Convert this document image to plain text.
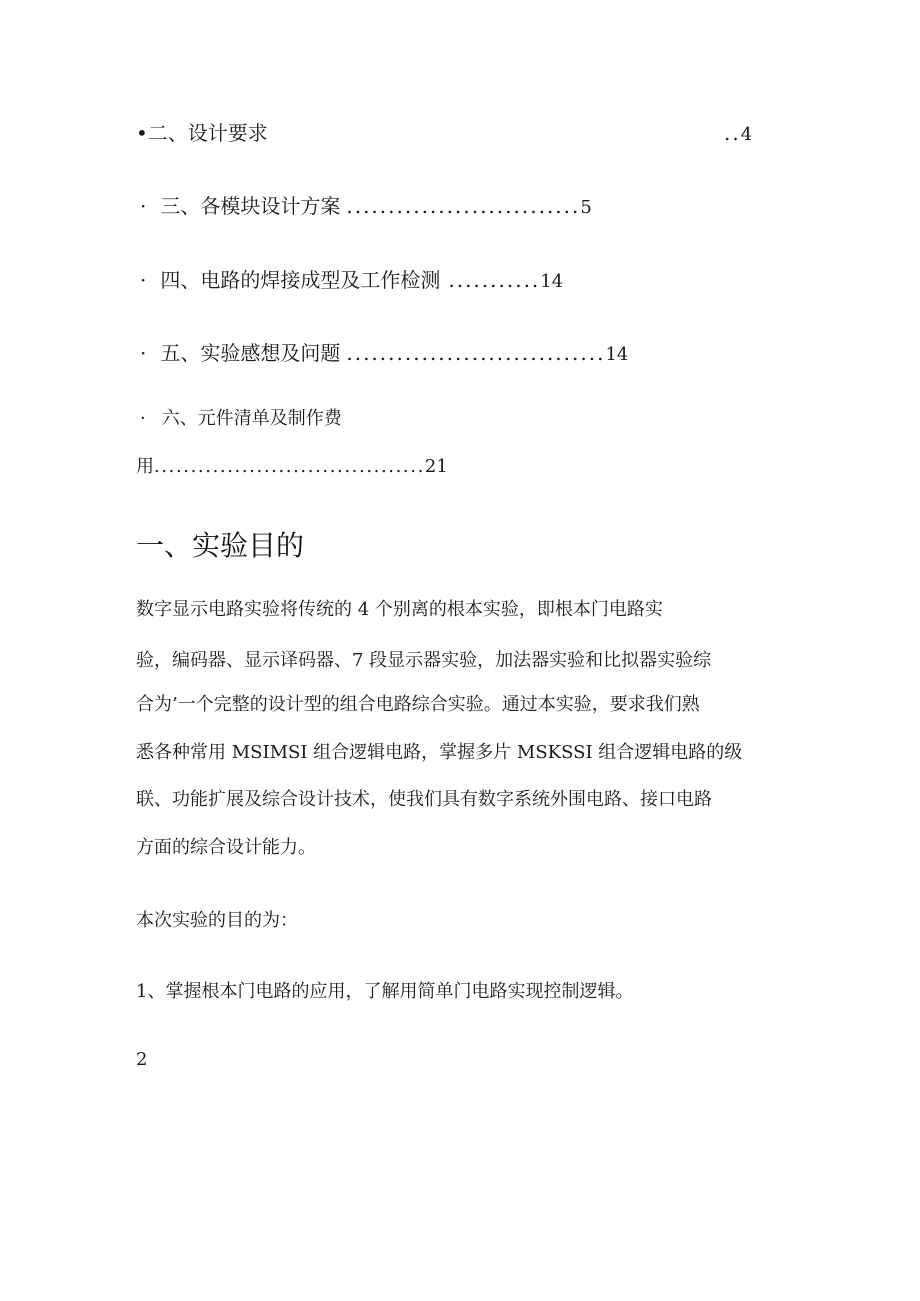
•二、设计要求	..4
· 三、各模块设计方案 ............................5
· 四、电路的焊接成型及工作检测 ...........14
· 五、实验感想及问题 ...............................14
· 六、元件清单及制作费
用.....................................21
一、实验目的
数字显示电路实验将传统的 4 个别离的根本实验，即根本门电路实
验，编码器、显示译码器、7 段显示器实验，加法器实验和比拟器实验综
合为’一个完整的设计型的组合电路综合实验。通过本实验，要求我们熟
悉各种常用 MSIMSI 组合逻辑电路，掌握多片 MSKSSI 组合逻辑电路的级
联、功能扩展及综合设计技术，使我们具有数字系统外围电路、接口电路
方面的综合设计能力。
本次实验的目的为：
1、掌握根本门电路的应用，了解用简单门电路实现控制逻辑。
2
